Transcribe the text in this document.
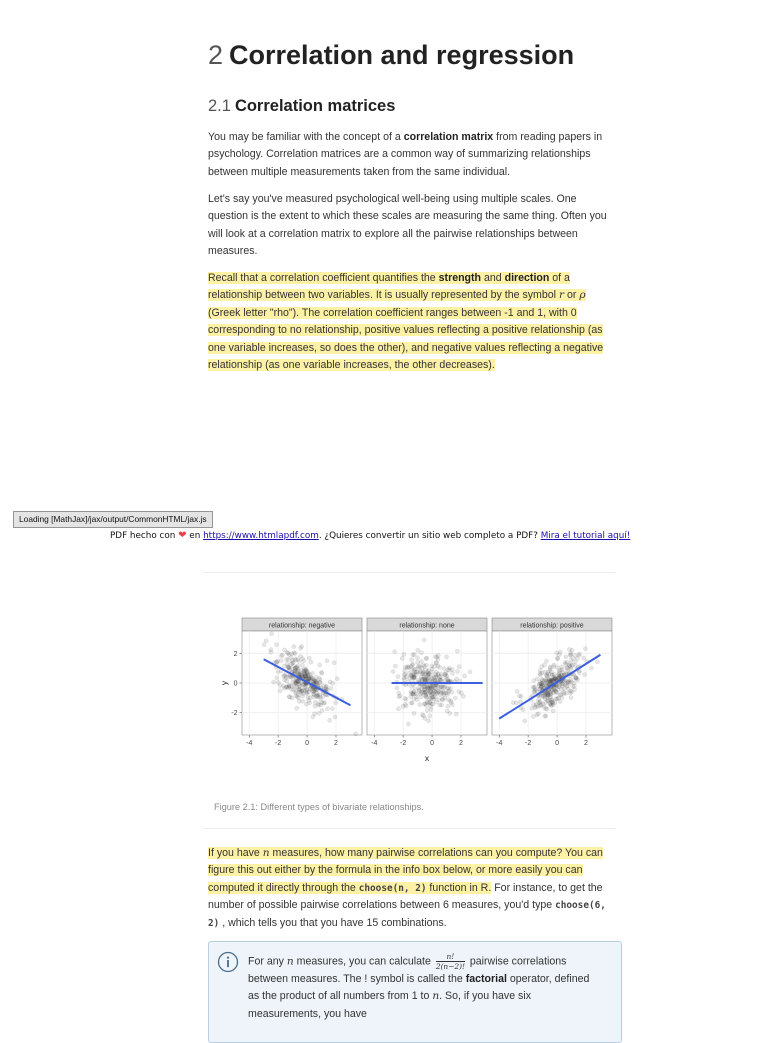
2 Correlation and regression
2.1 Correlation matrices
You may be familiar with the concept of a correlation matrix from reading papers in
psychology. Correlation matrices are a common way of summarizing relationships
between multiple measurements taken from the same individual.
Let's say you've measured psychological well-being using multiple scales. One
question is the extent to which these scales are measuring the same thing. Often you
will look at a correlation matrix to explore all the pairwise relationships between
measures.
Recall that a correlation coefficient quantifies the strength and direction of a
relationship between two variables. It is usually represented by the symbol r or ρ
(Greek letter "rho"). The correlation coefficient ranges between -1 and 1, with 0
corresponding to no relationship, positive values reflecting a positive relationship (as
one variable increases, so does the other), and negative values reflecting a negative
relationship (as one variable increases, the other decreases).
Loading [MathJax]/jax/output/CommonHTML/jax.js
PDF hecho con ❤ en https://www.htmlapdf.com. ¿Quieres convertir un sitio web completo a PDF? Mira el tutorial aquí!
relationship: negative
-4	-2	0	2
relationship: none
-4	-2	0	2
relationship: positive
-4	-2	0	2
-2
0
2
x
y
Figure 2.1: Different types of bivariate relationships.
If you have n measures, how many pairwise correlations can you compute? You can
figure this out either by the formula in the info box below, or more easily you can
computed it directly through the choose(n, 2) function in R. For instance, to get the
number of possible pairwise correlations between 6 measures, you'd type choose(6,
2) , which tells you that you have 15 combinations.
For any n measures, you can calculate $\frac{n!}{2(n-2)!}$ pairwise correlations
between measures. The ! symbol is called the factorial operator, defined
as the product of all numbers from 1 to n. So, if you have six
measurements, you have
